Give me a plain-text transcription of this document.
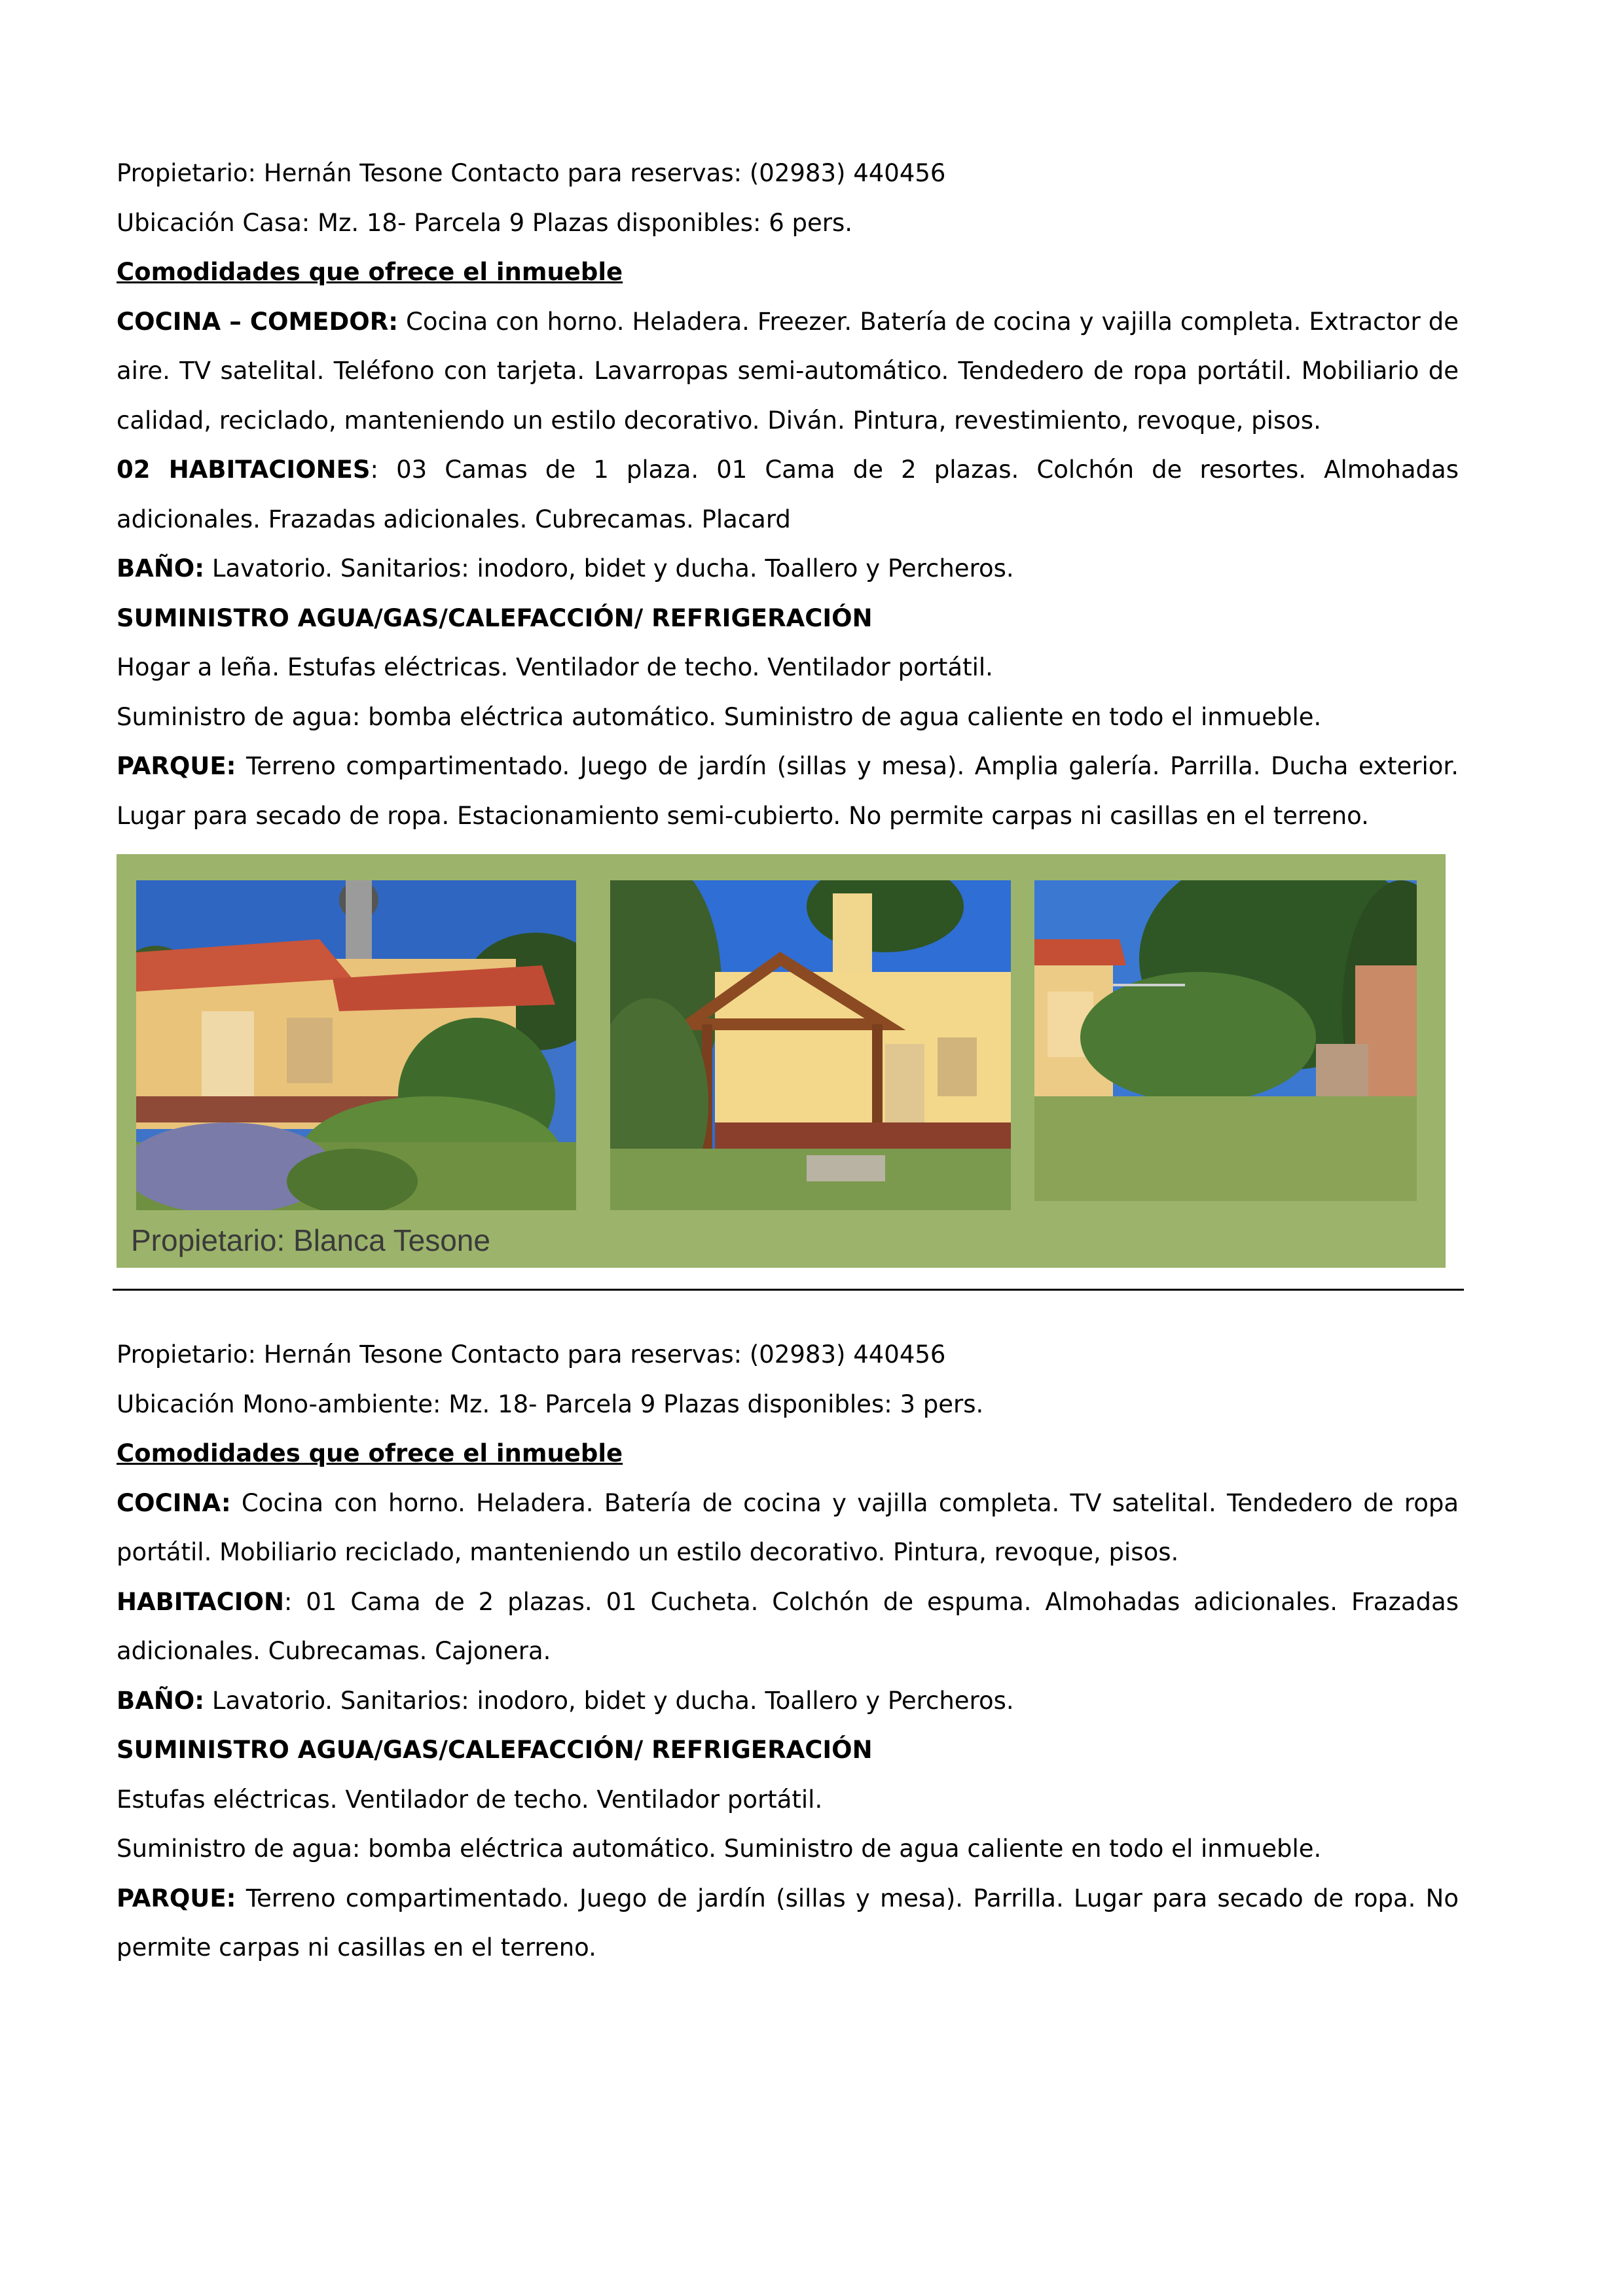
Propietario: Hernán Tesone Contacto para reservas: (02983) 440456

Ubicación Casa: Mz. 18- Parcela 9 Plazas disponibles: 6 pers.

Comodidades que ofrece el inmueble

COCINA – COMEDOR: Cocina con horno. Heladera. Freezer. Batería de cocina y vajilla completa. Extractor de aire. TV satelital. Teléfono con tarjeta. Lavarropas semi-automático. Tendedero de ropa portátil. Mobiliario de calidad, reciclado, manteniendo un estilo decorativo. Diván. Pintura, revestimiento, revoque, pisos.

02 HABITACIONES: 03 Camas de 1 plaza. 01 Cama de 2 plazas. Colchón de resortes. Almohadas adicionales. Frazadas adicionales. Cubrecamas. Placard

BAÑO: Lavatorio. Sanitarios: inodoro, bidet y ducha. Toallero y Percheros.

SUMINISTRO AGUA/GAS/CALEFACCIÓN/ REFRIGERACIÓN

Hogar a leña. Estufas eléctricas. Ventilador de techo. Ventilador portátil.

Suministro de agua: bomba eléctrica automático. Suministro de agua caliente en todo el inmueble.

PARQUE: Terreno compartimentado. Juego de jardín (sillas y mesa). Amplia galería. Parrilla. Ducha exterior. Lugar para secado de ropa. Estacionamiento semi-cubierto. No permite carpas ni casillas en el terreno.

Propietario: Blanca Tesone

Propietario: Hernán Tesone Contacto para reservas: (02983) 440456

Ubicación Mono-ambiente: Mz. 18- Parcela 9 Plazas disponibles: 3 pers.

Comodidades que ofrece el inmueble

COCINA: Cocina con horno. Heladera. Batería de cocina y vajilla completa. TV satelital. Tendedero de ropa portátil. Mobiliario reciclado, manteniendo un estilo decorativo. Pintura, revoque, pisos.

HABITACION: 01 Cama de 2 plazas. 01 Cucheta. Colchón de espuma. Almohadas adicionales. Frazadas adicionales. Cubrecamas. Cajonera.

BAÑO: Lavatorio. Sanitarios: inodoro, bidet y ducha. Toallero y Percheros.

SUMINISTRO AGUA/GAS/CALEFACCIÓN/ REFRIGERACIÓN

Estufas eléctricas. Ventilador de techo. Ventilador portátil.

Suministro de agua: bomba eléctrica automático. Suministro de agua caliente en todo el inmueble.

PARQUE: Terreno compartimentado. Juego de jardín (sillas y mesa). Parrilla. Lugar para secado de ropa. No permite carpas ni casillas en el terreno.
